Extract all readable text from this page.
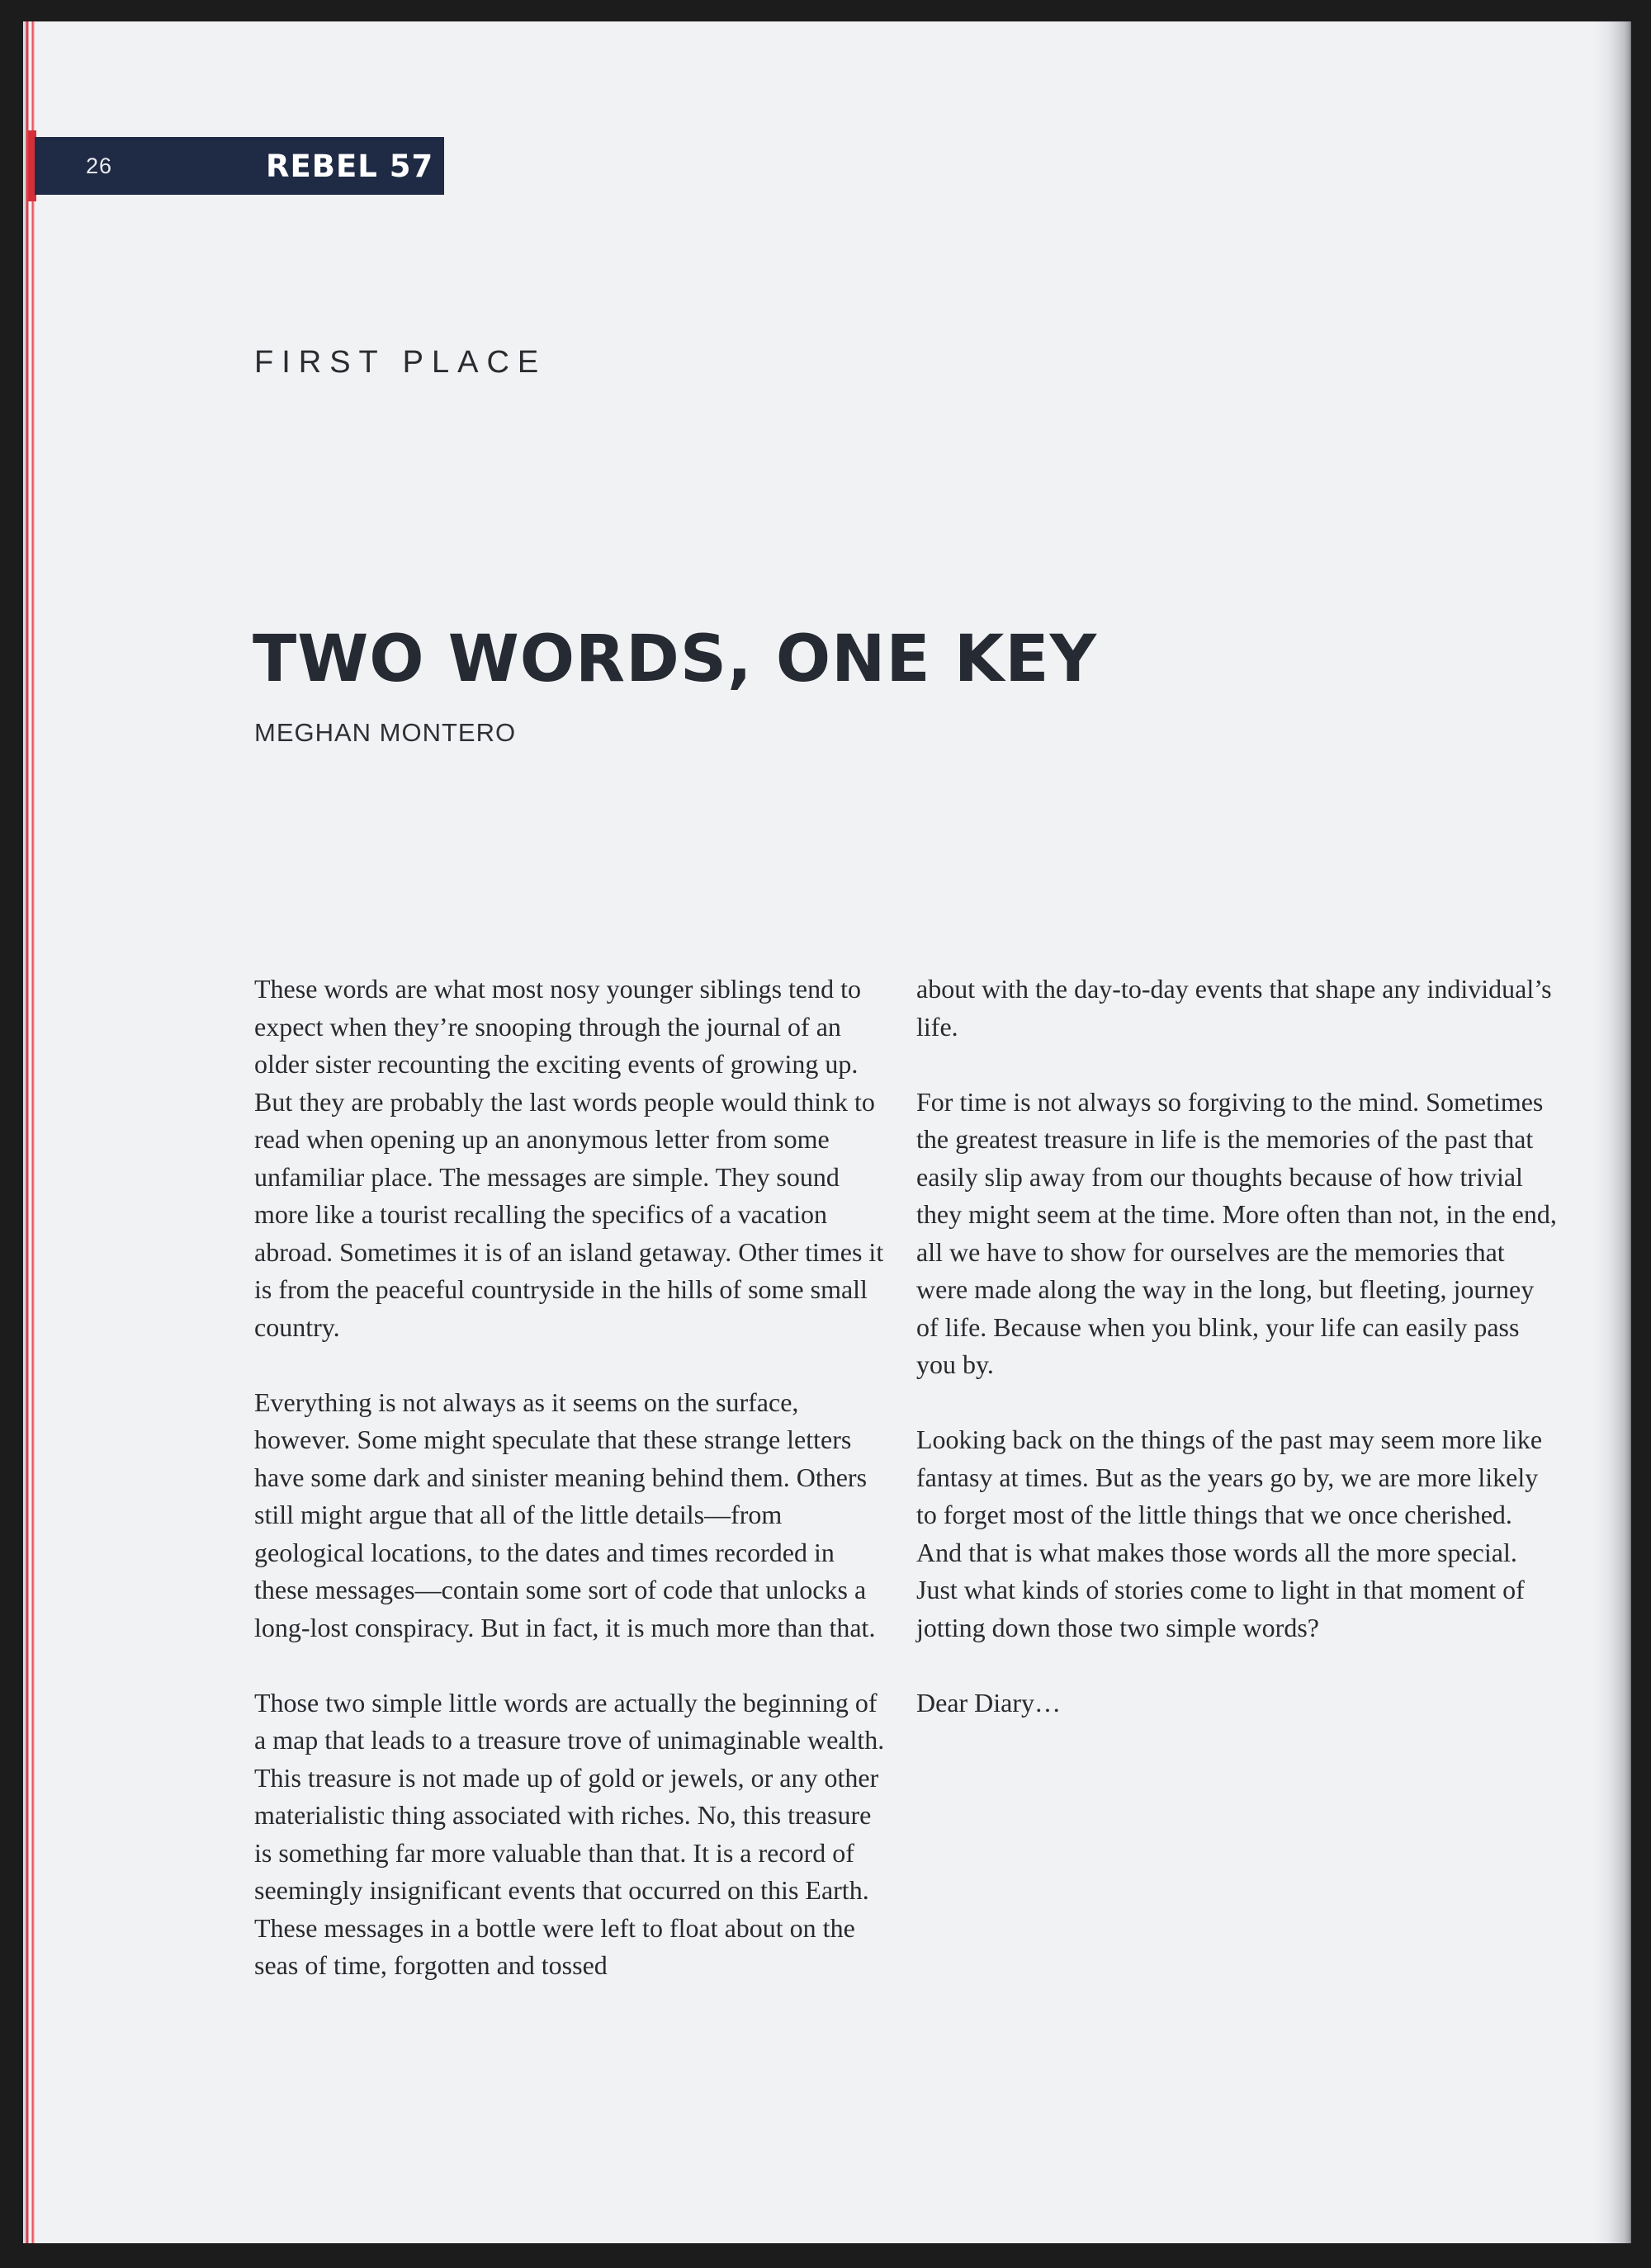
26	REBEL 57
FIRST PLACE
TWO WORDS, ONE KEY
MEGHAN MONTERO

These words are what most nosy younger siblings tend to expect when they’re snooping through the journal of an older sister recounting the exciting events of growing up. But they are probably the last words people would think to read when opening up an anonymous letter from some unfamiliar place. The messages are simple. They sound more like a tourist recalling the specifics of a vacation abroad. Sometimes it is of an island getaway. Other times it is from the peaceful countryside in the hills of some small country.

Everything is not always as it seems on the surface, however. Some might speculate that these strange letters have some dark and sinister meaning behind them. Others still might argue that all of the little details—from geological locations, to the dates and times recorded in these messages—contain some sort of code that unlocks a long-lost conspiracy. But in fact, it is much more than that.

Those two simple little words are actually the beginning of a map that leads to a treasure trove of unimaginable wealth. This treasure is not made up of gold or jewels, or any other materialistic thing associated with riches. No, this treasure is something far more valuable than that. It is a record of seemingly insignificant events that occurred on this Earth. These messages in a bottle were left to float about on the seas of time, forgotten and tossed

about with the day-to-day events that shape any individual’s life.

For time is not always so forgiving to the mind. Sometimes the greatest treasure in life is the memories of the past that easily slip away from our thoughts because of how trivial they might seem at the time. More often than not, in the end, all we have to show for ourselves are the memories that were made along the way in the long, but fleeting, journey of life. Because when you blink, your life can easily pass you by.

Looking back on the things of the past may seem more like fantasy at times. But as the years go by, we are more likely to forget most of the little things that we once cherished. And that is what makes those words all the more special. Just what kinds of stories come to light in that moment of jotting down those two simple words?

Dear Diary…
